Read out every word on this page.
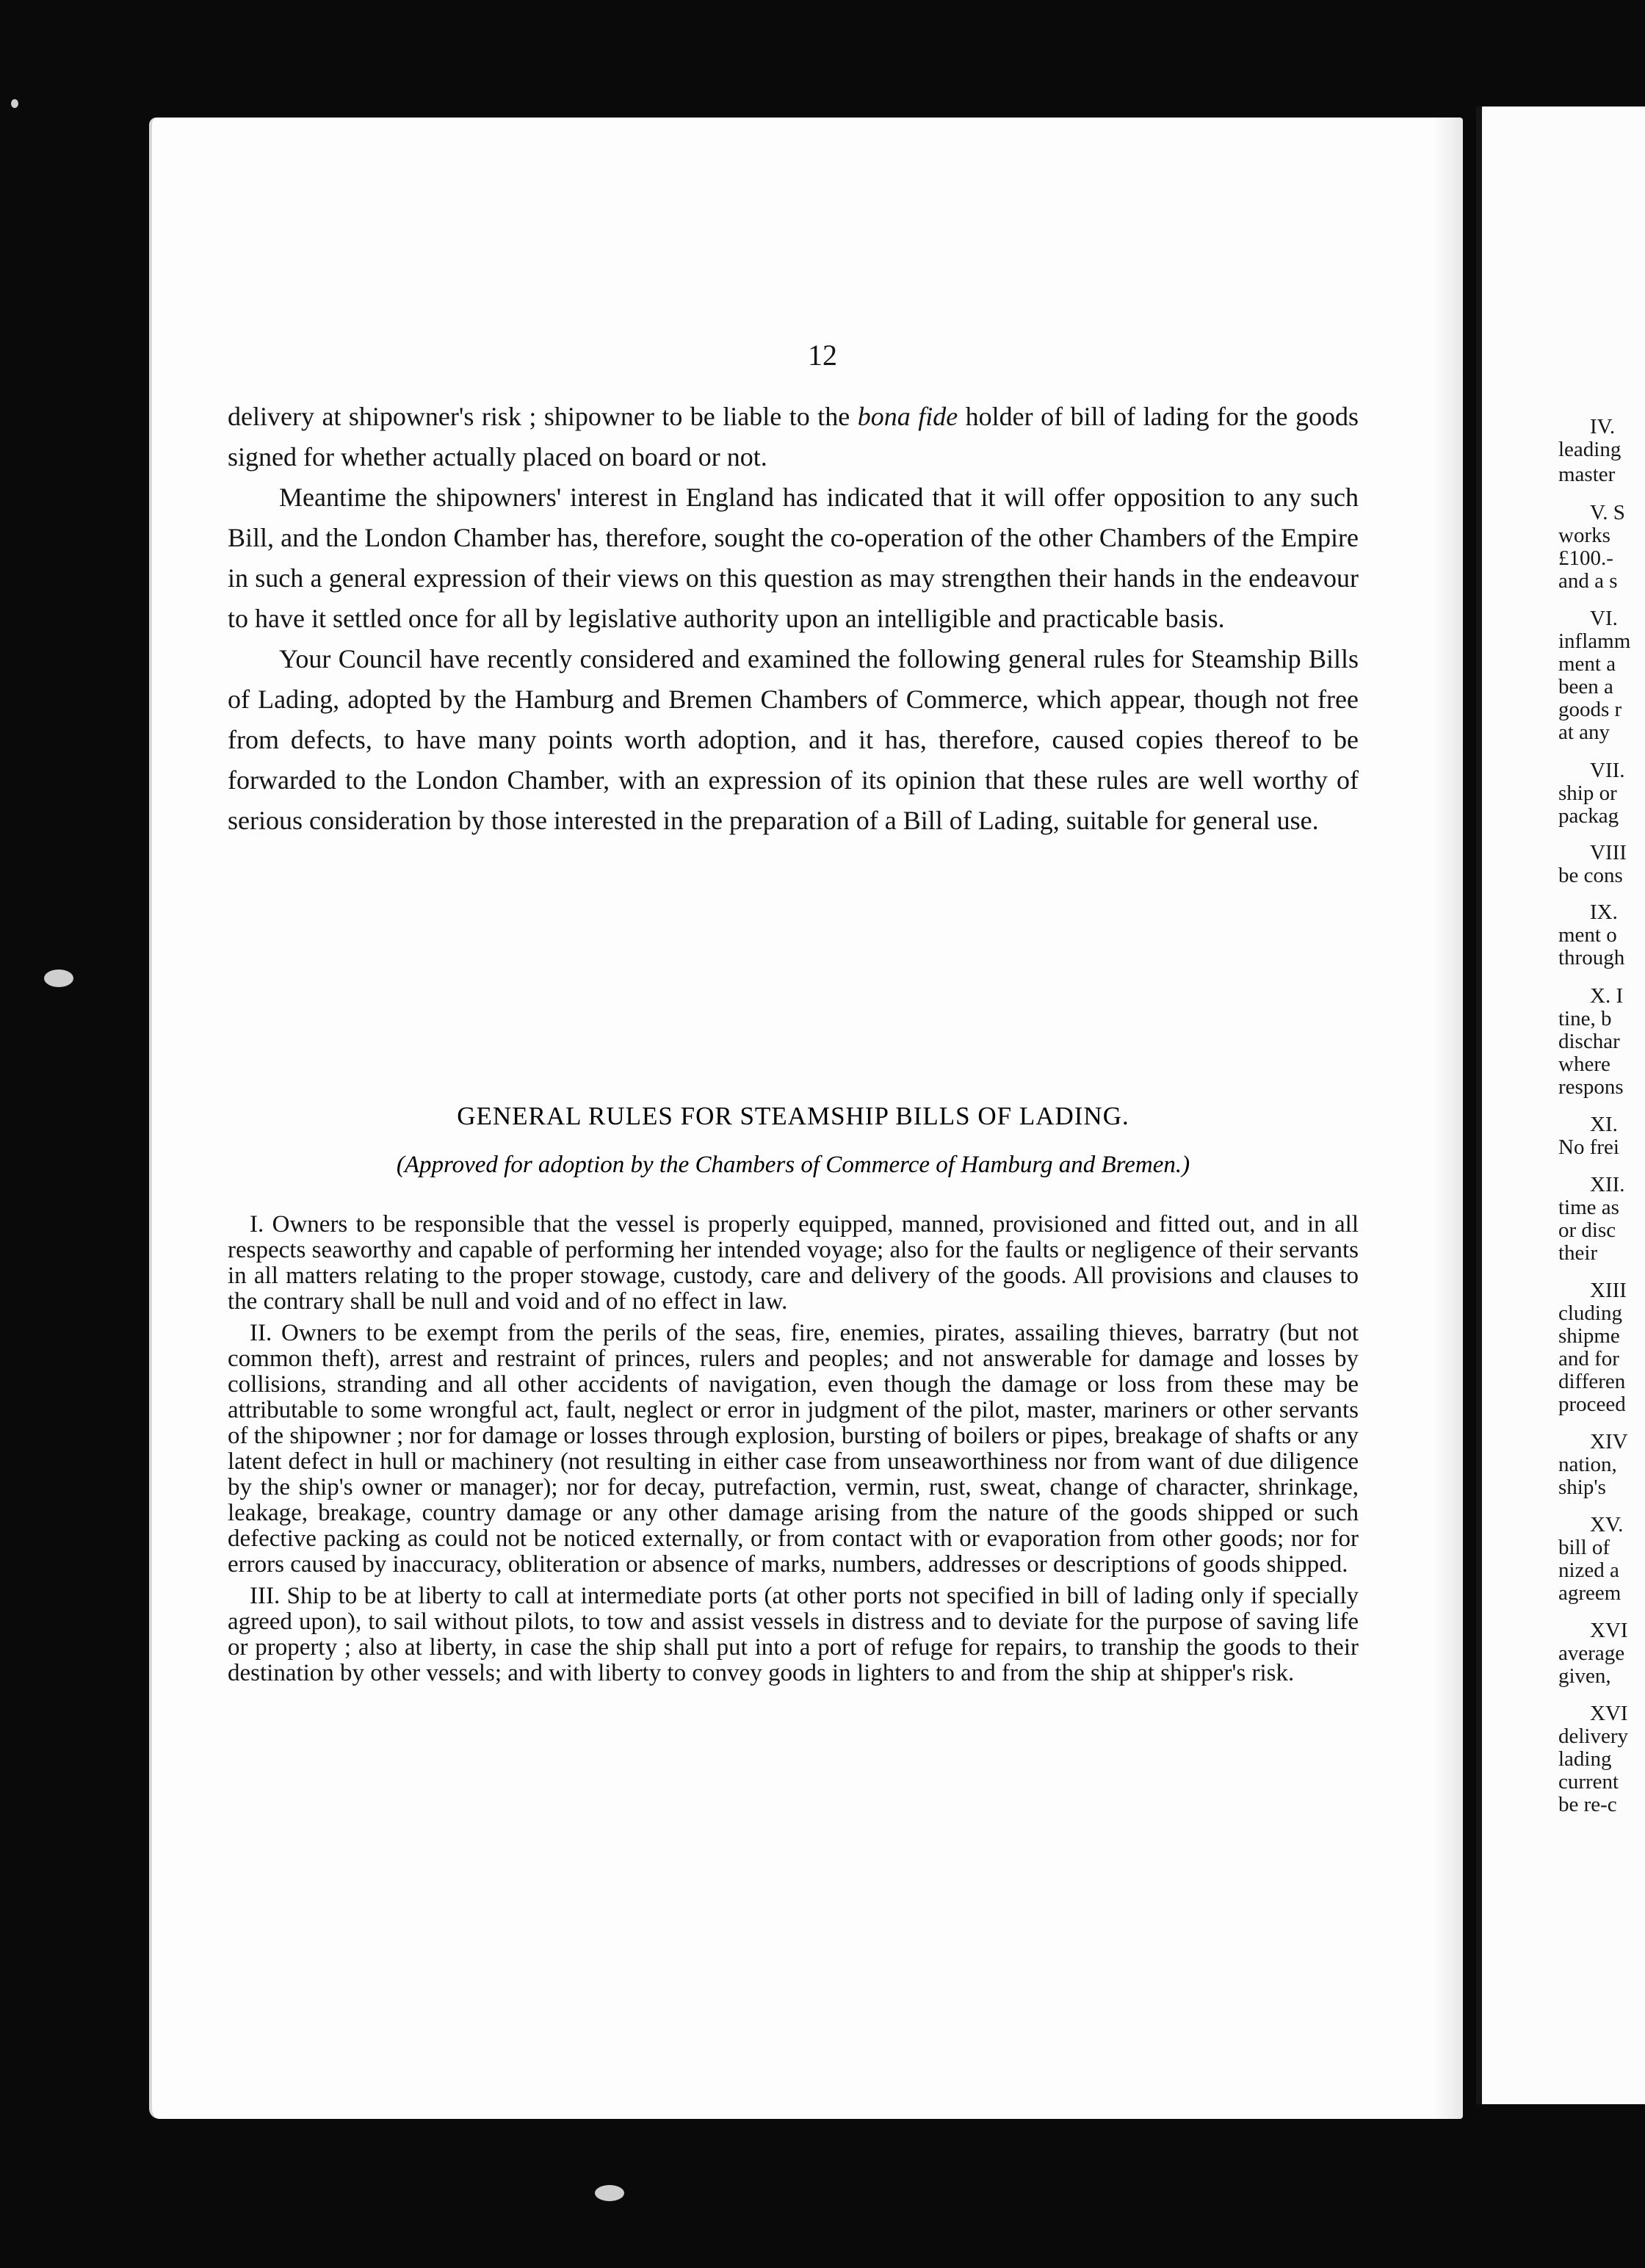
12

delivery at shipowner's risk ; shipowner to be liable to the bona fide holder of bill of lading for the goods signed for whether actually placed on board or not.

Meantime the shipowners' interest in England has indicated that it will offer opposition to any such Bill, and the London Chamber has, therefore, sought the co-operation of the other Chambers of the Empire in such a general expression of their views on this question as may strengthen their hands in the endeavour to have it settled once for all by legislative authority upon an intelligible and practicable basis.

Your Council have recently considered and examined the following general rules for Steamship Bills of Lading, adopted by the Hamburg and Bremen Chambers of Commerce, which appear, though not free from defects, to have many points worth adoption, and it has, therefore, caused copies thereof to be forwarded to the London Chamber, with an expression of its opinion that these rules are well worthy of serious consideration by those interested in the preparation of a Bill of Lading, suitable for general use.

GENERAL RULES FOR STEAMSHIP BILLS OF LADING.
(Approved for adoption by the Chambers of Commerce of Hamburg and Bremen.)

I. Owners to be responsible that the vessel is properly equipped, manned, provisioned and fitted out, and in all respects seaworthy and capable of performing her intended voyage; also for the faults or negligence of their servants in all matters relating to the proper stowage, custody, care and delivery of the goods. All provisions and clauses to the contrary shall be null and void and of no effect in law.

II. Owners to be exempt from the perils of the seas, fire, enemies, pirates, assailing thieves, barratry (but not common theft), arrest and restraint of princes, rulers and peoples; and not answerable for damage and losses by collisions, stranding and all other accidents of navigation, even though the damage or loss from these may be attributable to some wrongful act, fault, neglect or error in judgment of the pilot, master, mariners or other servants of the shipowner ; nor for damage or losses through explosion, bursting of boilers or pipes, breakage of shafts or any latent defect in hull or machinery (not resulting in either case from unseaworthiness nor from want of due diligence by the ship's owner or manager); nor for decay, putrefaction, vermin, rust, sweat, change of character, shrinkage, leakage, breakage, country damage or any other damage arising from the nature of the goods shipped or such defective packing as could not be noticed externally, or from contact with or evaporation from other goods; nor for errors caused by inaccuracy, obliteration or absence of marks, numbers, addresses or descriptions of goods shipped.

III. Ship to be at liberty to call at intermediate ports (at other ports not specified in bill of lading only if specially agreed upon), to sail without pilots, to tow and assist vessels in distress and to deviate for the purpose of saving life or property ; also at liberty, in case the ship shall put into a port of refuge for repairs, to tranship the goods to their destination by other vessels; and with liberty to convey goods in lighters to and from the ship at shipper's risk.

IV.
leading
master
V. S
works
£100.-
and a s
VI.
inflamm
ment a
been a
goods r
at any
VII.
ship or
packag
VIII
be cons
IX.
ment o
through
X. I
tine, b
dischar
where
respons
XI.
No frei
XII.
time as
or disc
their
XIII
cluding
shipme
and for
differen
proceed
XIV
nation,
ship's
XV.
bill of
nized a
agreem
XVI
average
given,
XVI
delivery
lading
current
be re-c
